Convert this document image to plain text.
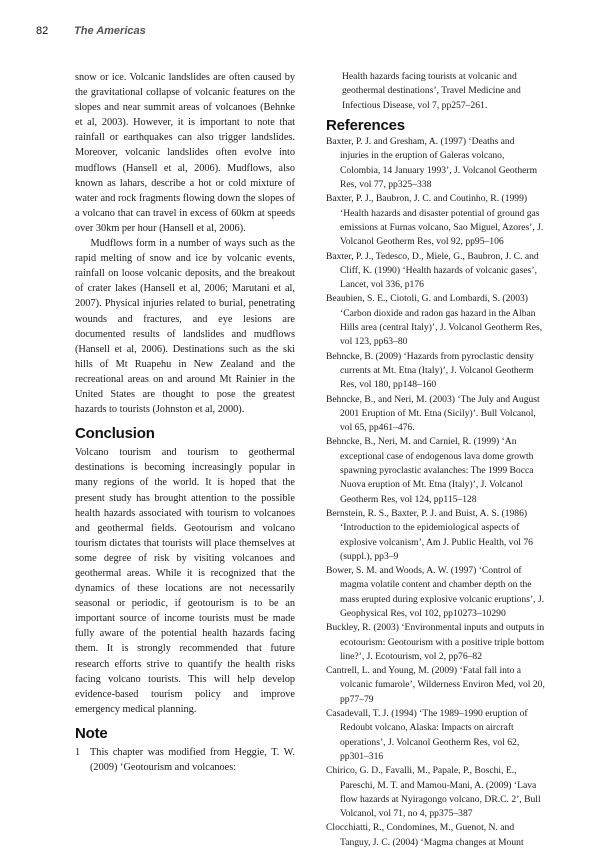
82	The Americas

snow or ice. Volcanic landslides are often caused by the gravitational collapse of volcanic features on the slopes and near summit areas of volcanoes (Behnke et al, 2003). However, it is important to note that rainfall or earthquakes can also trigger landslides. Moreover, volcanic landslides often evolve into mudflows (Hansell et al, 2006). Mudflows, also known as lahars, describe a hot or cold mixture of water and rock fragments flowing down the slopes of a volcano that can travel in excess of 60km at speeds over 30km per hour (Hansell et al, 2006).

Mudflows form in a number of ways such as the rapid melting of snow and ice by volcanic events, rainfall on loose volcanic deposits, and the breakout of crater lakes (Hansell et al, 2006; Marutani et al, 2007). Physical injuries related to burial, penetrating wounds and fractures, and eye lesions are documented results of landslides and mudflows (Hansell et al, 2006). Destinations such as the ski hills of Mt Ruapehu in New Zealand and the recreational areas on and around Mt Rainier in the United States are thought to pose the greatest hazards to tourists (Johnston et al, 2000).

Conclusion

Volcano tourism and tourism to geothermal destinations is becoming increasingly popular in many regions of the world. It is hoped that the present study has brought attention to the possible health hazards associated with tourism to volcanoes and geothermal fields. Geotourism and volcano tourism dictates that tourists will place themselves at some degree of risk by visiting volcanoes and geothermal areas. While it is recognized that the dynamics of these locations are not necessarily seasonal or periodic, if geotourism is to be an important source of income tourists must be made fully aware of the potential health hazards facing them. It is strongly recommended that future research efforts strive to quantify the health risks facing volcano tourists. This will help develop evidence-based tourism policy and improve emergency medical planning.

Note
1 This chapter was modified from Heggie, T. W. (2009) ‘Geotourism and volcanoes:

Health hazards facing tourists at volcanic and geothermal destinations’, Travel Medicine and Infectious Disease, vol 7, pp257–261.

References

Baxter, P. J. and Gresham, A. (1997) ‘Deaths and injuries in the eruption of Galeras volcano, Colombia, 14 January 1993’, J. Volcanol Geotherm Res, vol 77, pp325–338

Baxter, P. J., Baubron, J. C. and Coutinho, R. (1999) ‘Health hazards and disaster potential of ground gas emissions at Furnas volcano, Sao Miguel, Azores’, J. Volcanol Geotherm Res, vol 92, pp95–106

Baxter, P. J., Tedesco, D., Miele, G., Baubron, J. C. and Cliff, K. (1990) ‘Health hazards of volcanic gases’, Lancet, vol 336, p176

Beaubien, S. E., Ciotoli, G. and Lombardi, S. (2003) ‘Carbon dioxide and radon gas hazard in the Alban Hills area (central Italy)’, J. Volcanol Geotherm Res, vol 123, pp63–80

Behncke, B. (2009) ‘Hazards from pyroclastic density currents at Mt. Etna (Italy)’, J. Volcanol Geotherm Res, vol 180, pp148–160

Behncke, B., and Neri, M. (2003) ‘The July and August 2001 Eruption of Mt. Etna (Sicily)’. Bull Volcanol, vol 65, pp461–476.

Behncke, B., Neri, M. and Carniel, R. (1999) ‘An exceptional case of endogenous lava dome growth spawning pyroclastic avalanches: The 1999 Bocca Nuova eruption of Mt. Etna (Italy)’, J. Volcanol Geotherm Res, vol 124, pp115–128

Bernstein, R. S., Baxter, P. J. and Buist, A. S. (1986) ‘Introduction to the epidemiological aspects of explosive volcanism’, Am J. Public Health, vol 76 (suppl.), pp3–9

Bower, S. M. and Woods, A. W. (1997) ‘Control of magma volatile content and chamber depth on the mass erupted during explosive volcanic eruptions’, J. Geophysical Res, vol 102, pp10273–10290

Buckley, R. (2003) ‘Environmental inputs and outputs in ecotourism: Geotourism with a positive triple bottom line?’, J. Ecotourism, vol 2, pp76–82

Cantrell, L. and Young, M. (2009) ‘Fatal fall into a volcanic fumarole’, Wilderness Environ Med, vol 20, pp77–79

Casadevall, T. J. (1994) ‘The 1989–1990 eruption of Redoubt volcano, Alaska: Impacts on aircraft operations’, J. Volcanol Geotherm Res, vol 62, pp301–316

Chirico, G. D., Favalli, M., Papale, P., Boschi, E., Pareschi, M. T. and Mamou-Mani, A. (2009) ‘Lava flow hazards at Nyiragongo volcano, DR.C. 2’, Bull Volcanol, vol 71, no 4, pp375–387

Clocchiatti, R., Condomines, M., Guenot, N. and Tanguy, J. C. (2004) ‘Magma changes at Mount
